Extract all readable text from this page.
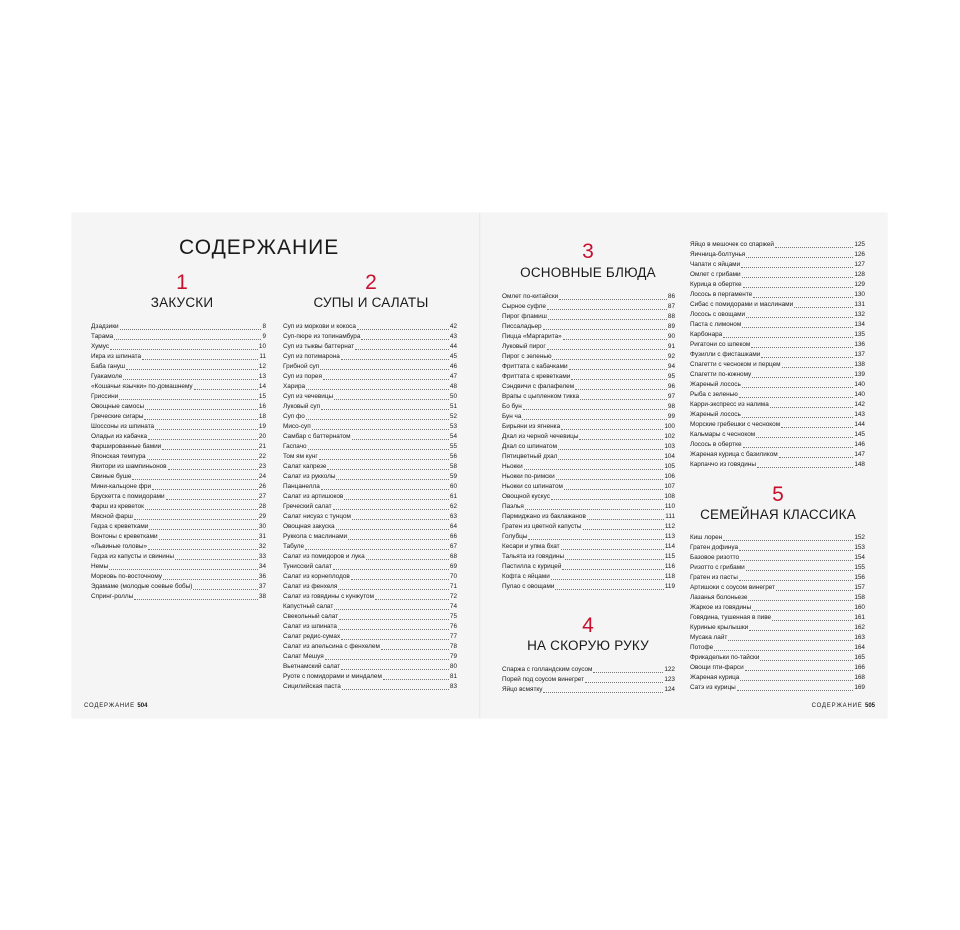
СОДЕРЖАНИЕ
1
ЗАКУСКИ
Дзадзики	8
Тарама	9
Хумус	10
Икра из шпината	11
Баба гануш	12
Гуакамоле	13
«Кошачьи язычки» по-домашнему	14
Гриссини	15
Овощные самосы	16
Греческие сигары	18
Шоссоны из шпината	19
Оладьи из кабачка	20
Фаршированные бамии	21
Японская темпура	22
Якитори из шампиньонов	23
Свиные буше	24
Мини-кальцоне фри	26
Брускетта с помидорами	27
Фарш из креветок	28
Мясной фарш	29
Гедза с креветками	30
Вонтоны с креветками	31
«Львиные головы»	32
Гедза из капусты и свинины	33
Немы	34
Морковь по-восточному	36
Эдамаме (молодые соевые бобы)	37
Спринг-роллы	38
2
СУПЫ И САЛАТЫ
Суп из моркови и кокоса	42
Суп-пюре из топинамбура	43
Суп из тыквы баттернат	44
Суп из потимарона	45
Грибной суп	46
Суп из порея	47
Харира	48
Суп из чечевицы	50
Луковый суп	51
Суп фо	52
Мисо-суп	53
Самбар с баттернатом	54
Гаспачо	55
Том ям кунг	56
Салат капрезе	58
Салат из рукколы	59
Панцанелла	60
Салат из артишоков	61
Греческий салат	62
Салат нисуаз с тунцом	63
Овощная закуска	64
Руккола с маслинами	66
Табуле	67
Салат из помидоров и лука	68
Тунисский салат	69
Салат из корнеплодов	70
Салат из фенхеля	71
Салат из говядины с кунжутом	72
Капустный салат	74
Свекольный салат	75
Салат из шпината	76
Салат редис-сумах	77
Салат из апельсина с фенхелем	78
Салат Мешуя	79
Вьетнамский салат	80
Руоте с помидорами и миндалем	81
Сицилийская паста	83
3
ОСНОВНЫЕ БЛЮДА
Омлет по-китайски	86
Сырное суфле	87
Пирог фламиш	88
Писсаладьер	89
Пицца «Маргарита»	90
Луковый пирог	91
Пирог с зеленью	92
Фриттата с кабачками	94
Фриттата с креветками	95
Сэндвичи с фалафелем	96
Врапы с цыпленком тикка	97
Бо бун	98
Бун ча	99
Бирьяни из ягненка	100
Дхал из черной чечевицы	102
Дхал со шпинатом	103
Пятицветный дхал	104
Ньокки	105
Ньокки по-римски	106
Ньокки со шпинатом	107
Овощной кускус	108
Паэлья	110
Пармиджано из баклажанов	111
Гратен из цветной капусты	112
Голубцы	113
Кесари и упма бхат	114
Тальята из говядины	115
Пастилла с курицей	116
Кофта с яйцами	118
Пулао с овощами	119
4
НА СКОРУЮ РУКУ
Спаржа с голландским соусом	122
Порей под соусом винегрет	123
Яйцо всмятку	124
Яйцо в мешочек со спаржей	125
Яичница-болтунья	126
Чапати с яйцами	127
Омлет с грибами	128
Курица в обертке	129
Лосось в пергаменте	130
Сибас с помидорами и маслинами	131
Лосось с овощами	132
Паста с лимоном	134
Карбонара	135
Ригатони со шпеком	136
Фузилли с фисташками	137
Спагетти с чесноком и перцем	138
Спагетти по-южному	139
Жареный лосось	140
Рыба с зеленью	140
Карри-экспресс из налима	142
Жареный лосось	143
Морские гребешки с чесноком	144
Кальмары с чесноком	145
Лосось в обертке	146
Жареная курица с базиликом	147
Карпаччо из говядины	148
5
СЕМЕЙНАЯ КЛАССИКА
Киш лорен	152
Гратен дофинуа	153
Базовое ризотто	154
Ризотто с грибами	155
Гратен из пасты	156
Артишоки с соусом винегрет	157
Лазанья болоньезе	158
Жаркое из говядины	160
Говядина, тушенная в пиве	161
Куриные крылышки	162
Мусака лайт	163
Потофе	164
Фрикадельки по-тайски	165
Овощи пти-фарси	166
Жареная курица	168
Сатэ из курицы	169
СОДЕРЖАНИЕ 504	СОДЕРЖАНИЕ 505
